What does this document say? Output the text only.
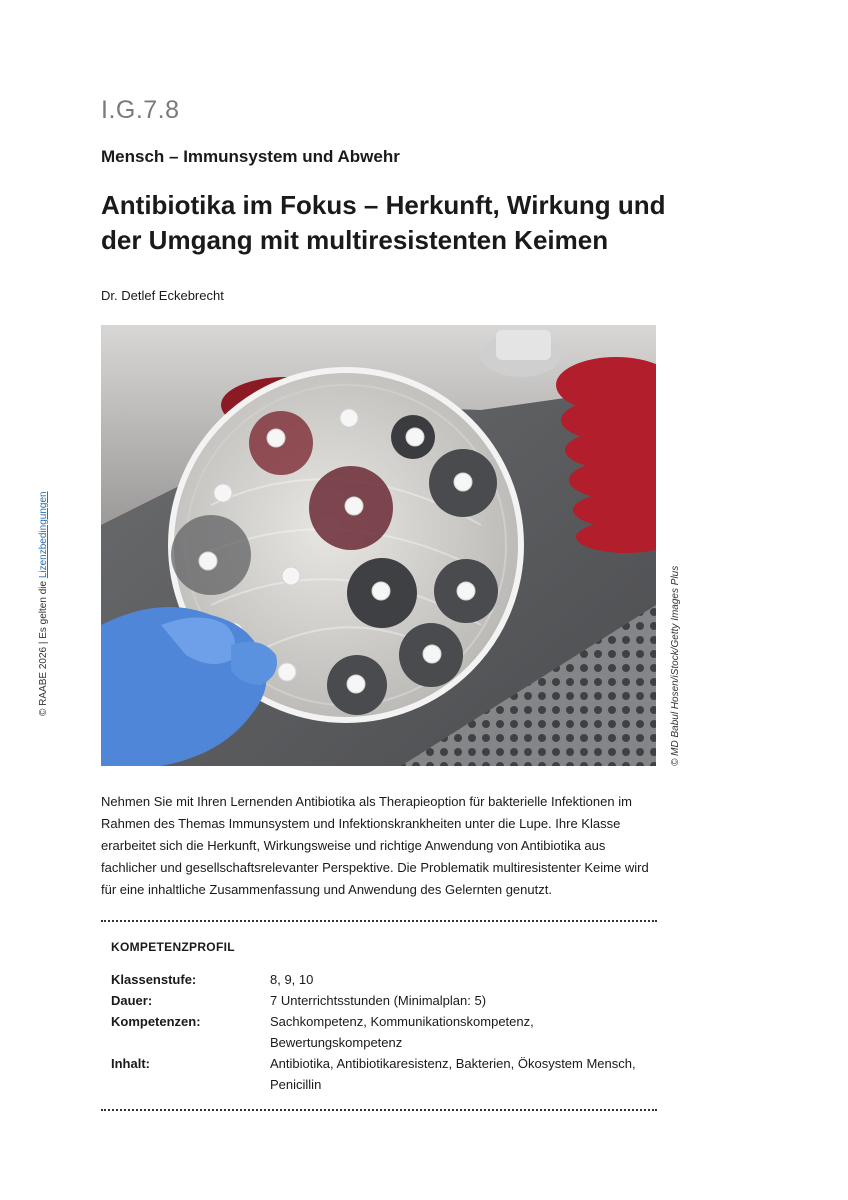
I.G.7.8
Mensch – Immunsystem und Abwehr
Antibiotika im Fokus – Herkunft, Wirkung und der Umgang mit multiresistenten Keimen
Dr. Detlef Eckebrecht
© MD Babul Hosen/iStock/Getty Images Plus
© RAABE 2026 | Es gelten die Lizenzbedingungen

Nehmen Sie mit Ihren Lernenden Antibiotika als Therapieoption für bakterielle Infektionen im Rahmen des Themas Immunsystem und Infektionskrankheiten unter die Lupe. Ihre Klasse erarbeitet sich die Herkunft, Wirkungsweise und richtige Anwendung von Antibiotika aus fachlicher und gesellschaftsrelevanter Perspektive. Die Problematik multiresistenter Keime wird für eine inhaltliche Zusammenfassung und Anwendung des Gelernten genutzt.

KOMPETENZPROFIL
Klassenstufe:	8, 9, 10
Dauer:	7 Unterrichtsstunden (Minimalplan: 5)
Kompetenzen:	Sachkompetenz, Kommunikationskompetenz, Bewertungskompetenz
Inhalt:	Antibiotika, Antibiotikaresistenz, Bakterien, Ökosystem Mensch, Penicillin
